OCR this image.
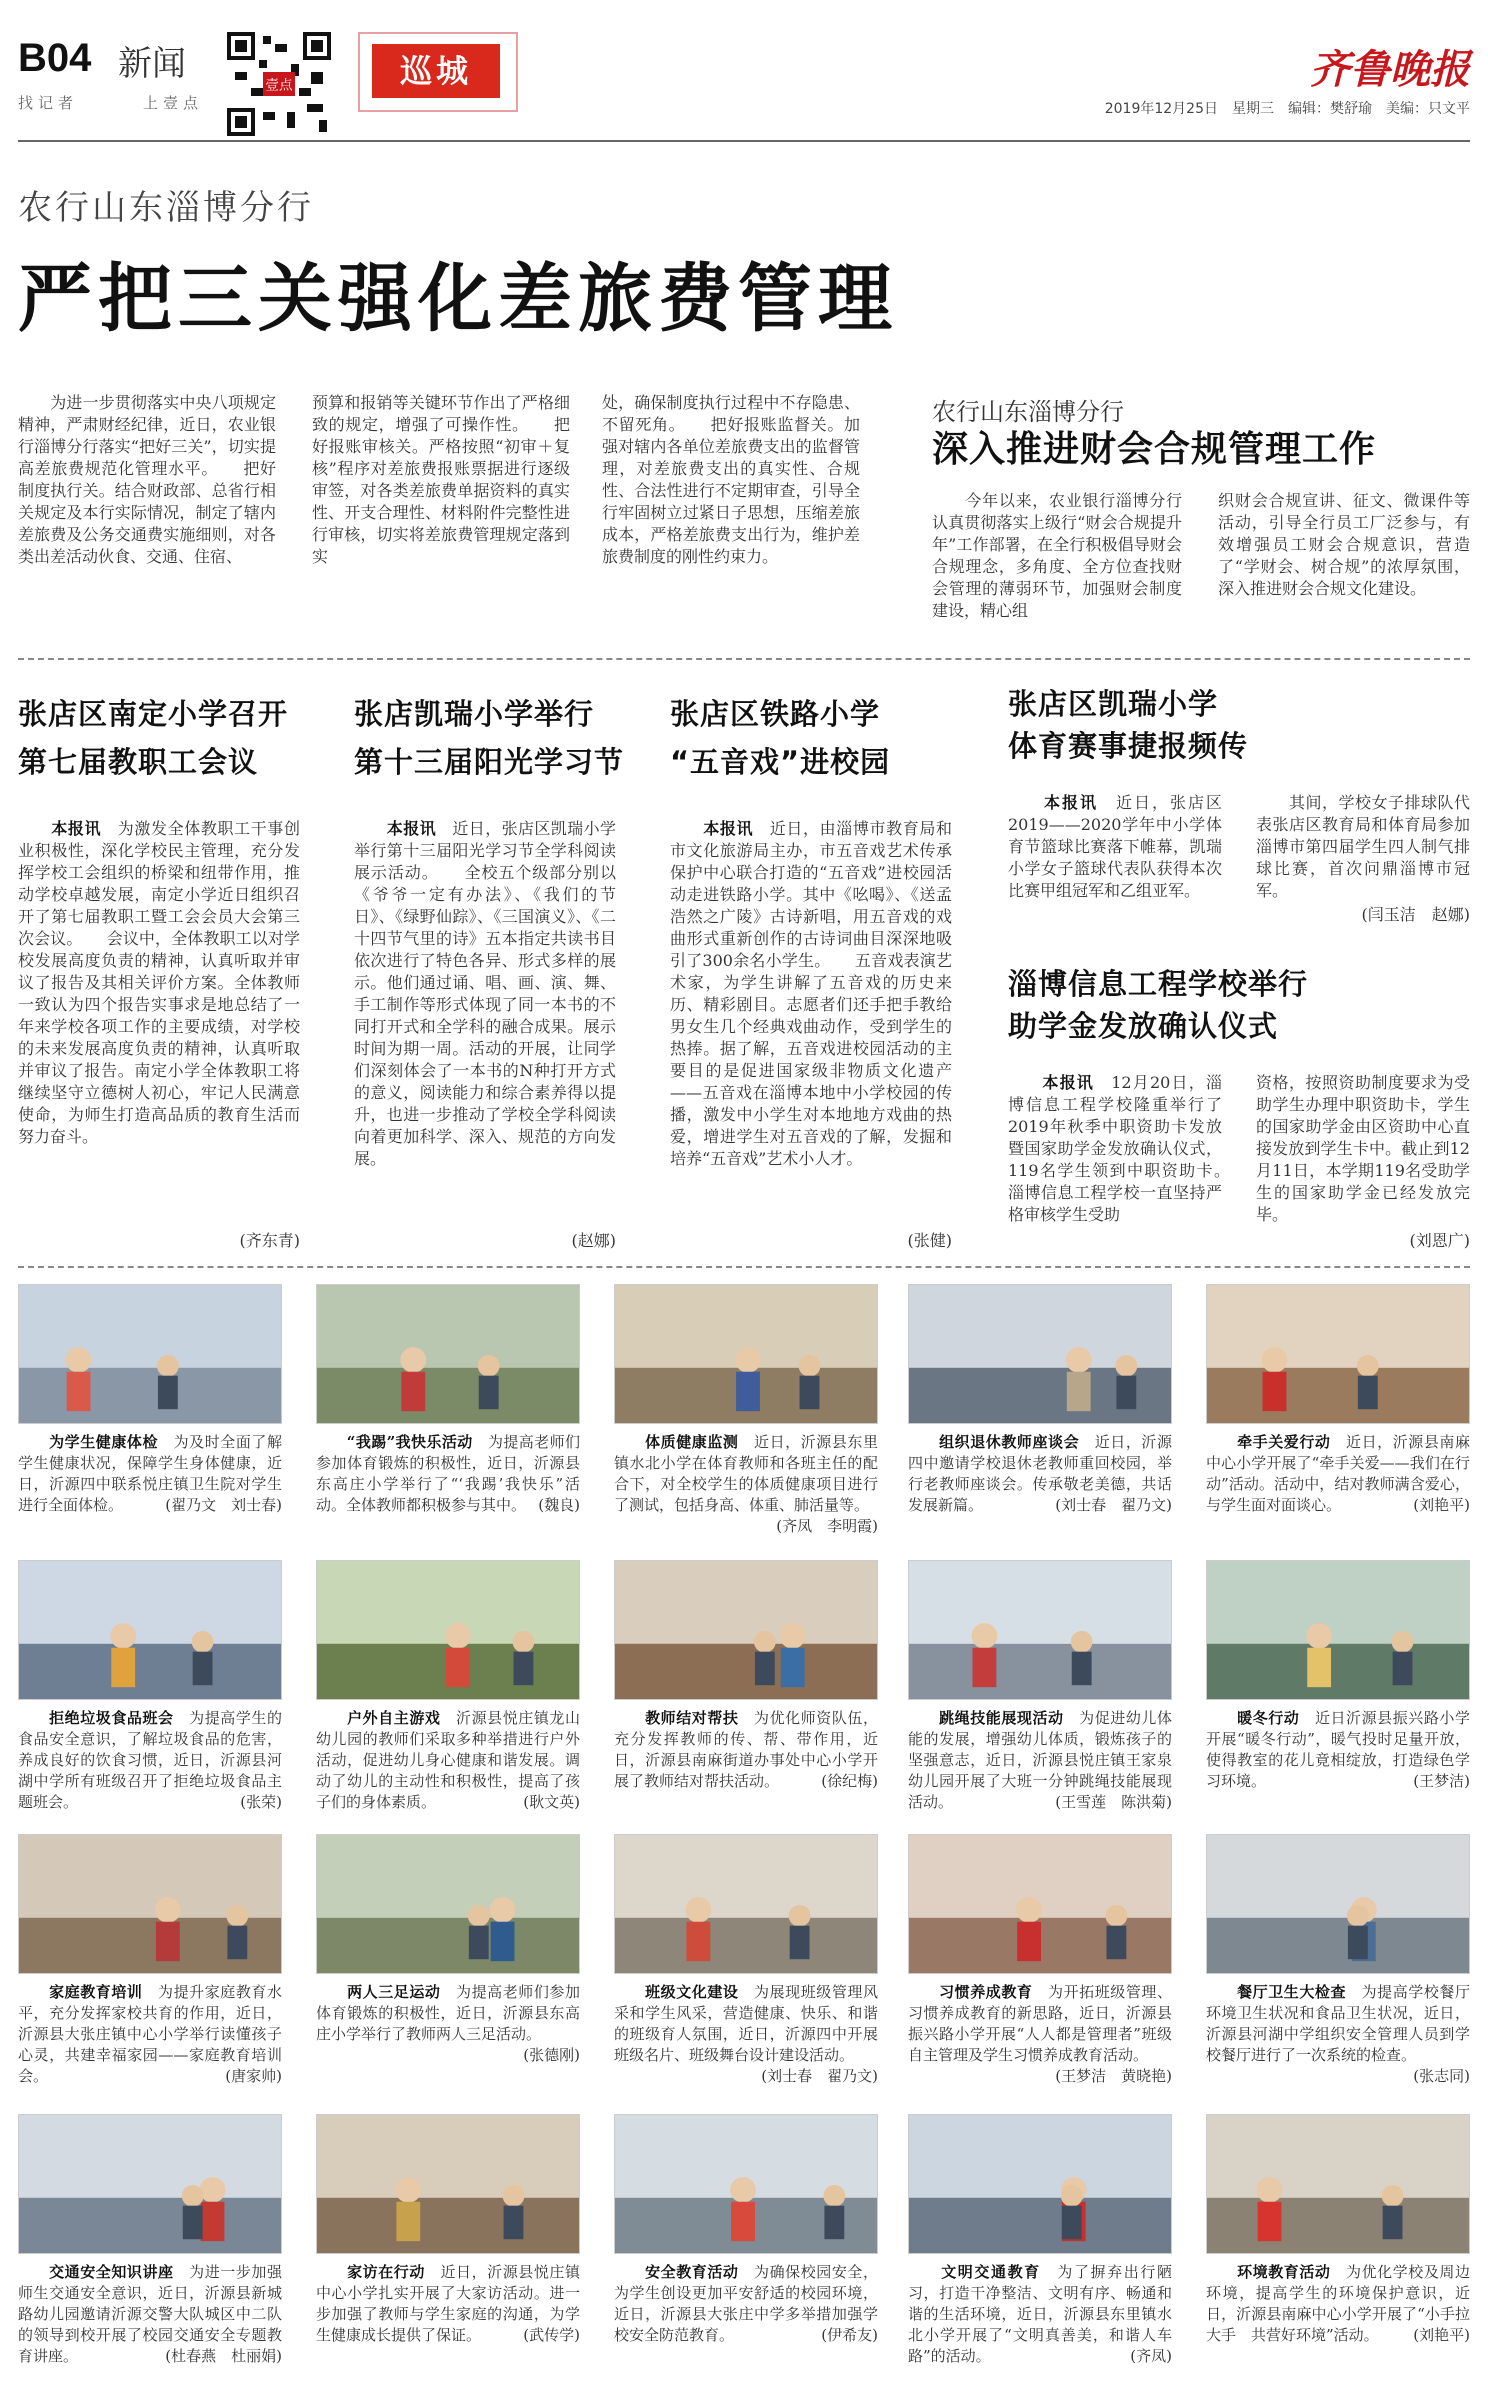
B04 新闻
找记者	上壹点
壹点	巡城	齐鲁晚报
2019年12月25日　星期三　编辑：樊舒瑜　美编：只文平
农行山东淄博分行
严把三关强化差旅费管理
　　为进一步贯彻落实中央八项规定精神，严肃财经纪律，近日，农业银行淄博分行落实“把好三关”，切实提高差旅费规范化管理水平。　　把好制度执行关。结合财政部、总省行相关规定及本行实际情况，制定了辖内差旅费及公务交通费实施细则，对各类出差活动伙食、交通、住宿、
预算和报销等关键环节作出了严格细致的规定，增强了可操作性。　　把好报账审核关。严格按照“初审＋复核”程序对差旅费报账票据进行逐级审签，对各类差旅费单据资料的真实性、开支合理性、材料附件完整性进行审核，切实将差旅费管理规定落到实
处，确保制度执行过程中不存隐患、不留死角。　　把好报账监督关。加强对辖内各单位差旅费支出的监督管理，对差旅费支出的真实性、合规性、合法性进行不定期审查，引导全行牢固树立过紧日子思想，压缩差旅成本，严格差旅费支出行为，维护差旅费制度的刚性约束力。
农行山东淄博分行
深入推进财会合规管理工作
　　今年以来，农业银行淄博分行认真贯彻落实上级行“财会合规提升年”工作部署，在全行积极倡导财会合规理念，多角度、全方位查找财会管理的薄弱环节，加强财会制度建设，精心组
织财会合规宣讲、征文、微课件等活动，引导全行员工厂泛参与，有效增强员工财会合规意识，营造了“学财会、树合规”的浓厚氛围，深入推进财会合规文化建设。
张店区南定小学召开
第七届教职工会议
　　本报讯　 为激发全体教职工干事创业积极性，深化学校民主管理，充分发挥学校工会组织的桥梁和纽带作用，推动学校卓越发展，南定小学近日组织召开了第七届教职工暨工会会员大会第三次会议。　　会议中，全体教职工以对学校发展高度负责的精神，认真听取并审议了报告及其相关评价方案。全体教师一致认为四个报告实事求是地总结了一年来学校各项工作的主要成绩，对学校的未来发展高度负责的精神，认真听取并审议了报告。南定小学全体教职工将继续坚守立德树人初心，牢记人民满意使命，为师生打造高品质的教育生活而努力奋斗。
(齐东青)
张店凯瑞小学举行
第十三届阳光学习节
　　本报讯　 近日，张店区凯瑞小学举行第十三届阳光学习节全学科阅读展示活动。　　全校五个级部分别以《爷爷一定有办法》、《我们的节日》、《绿野仙踪》、《三国演义》、《二十四节气里的诗》五本指定共读书目依次进行了特色各异、形式多样的展示。他们通过诵、唱、画、演、舞、手工制作等形式体现了同一本书的不同打开式和全学科的融合成果。展示时间为期一周。活动的开展，让同学们深刻体会了一本书的N种打开方式的意义，阅读能力和综合素养得以提升，也进一步推动了学校全学科阅读向着更加科学、深入、规范的方向发展。
(赵娜)
张店区铁路小学
“五音戏”进校园
　　本报讯　 近日，由淄博市教育局和市文化旅游局主办，市五音戏艺术传承保护中心联合打造的“五音戏”进校园活动走进铁路小学。其中《吆喝》、《送孟浩然之广陵》古诗新唱，用五音戏的戏曲形式重新创作的古诗词曲目深深地吸引了300余名小学生。　　五音戏表演艺术家，为学生讲解了五音戏的历史来历、精彩剧目。志愿者们还手把手教给男女生几个经典戏曲动作，受到学生的热捧。据了解，五音戏进校园活动的主要目的是促进国家级非物质文化遗产——五音戏在淄博本地中小学校园的传播，激发中小学生对本地地方戏曲的热爱，增进学生对五音戏的了解，发掘和培养“五音戏”艺术小人才。
(张健)
张店区凯瑞小学
体育赛事捷报频传
　　本报讯　 近日，张店区2019——2020学年中小学体育节篮球比赛落下帷幕，凯瑞小学女子篮球代表队获得本次比赛甲组冠军和乙组亚军。
　　其间，学校女子排球队代表张店区教育局和体育局参加淄博市第四届学生四人制气排球比赛，首次问鼎淄博市冠军。
(闫玉洁　赵娜)
淄博信息工程学校举行
助学金发放确认仪式
　　本报讯　 12月20日，淄博信息工程学校隆重举行了2019年秋季中职资助卡发放暨国家助学金发放确认仪式，119名学生领到中职资助卡。　　淄博信息工程学校一直坚持严格审核学生受助
资格，按照资助制度要求为受助学生办理中职资助卡，学生的国家助学金由区资助中心直接发放到学生卡中。截止到12月11日，本学期119名受助学生的国家助学金已经发放完毕。
(刘恩广)
　　为学生健康体检　为及时全面了解学生健康状况，保障学生身体健康，近日，沂源四中联系悦庄镇卫生院对学生进行全面体检。	(翟乃文　刘士春)
　　“我踢”我快乐活动　为提高老师们参加体育锻炼的积极性，近日，沂源县东高庄小学举行了“‘我踢’我快乐”活动。全体教师都积极参与其中。 (魏良)
　　体质健康监测　近日，沂源县东里镇水北小学在体育教师和各班主任的配合下，对全校学生的体质健康项目进行了测试，包括身高、体重、肺活量等。
(齐凤　李明霞)
　　组织退休教师座谈会　近日，沂源四中邀请学校退休老教师重回校园，举行老教师座谈会。传承敬老美德，共话发展新篇。	(刘士春　翟乃文)
　　牵手关爱行动　近日，沂源县南麻中心小学开展了“牵手关爱——我们在行动”活动。活动中，结对教师满含爱心，与学生面对面谈心。	(刘艳平)
　　拒绝垃圾食品班会　为提高学生的食品安全意识，了解垃圾食品的危害，养成良好的饮食习惯，近日，沂源县河湖中学所有班级召开了拒绝垃圾食品主题班会。	(张荣)
　　户外自主游戏　沂源县悦庄镇龙山幼儿园的教师们采取多种举措进行户外活动，促进幼儿身心健康和谐发展。调动了幼儿的主动性和积极性，提高了孩子们的身体素质。	(耿文英)
　　教师结对帮扶　为优化师资队伍，充分发挥教师的传、帮、带作用，近日，沂源县南麻街道办事处中心小学开展了教师结对帮扶活动。	(徐纪梅)
　　跳绳技能展现活动　为促进幼儿体能的发展，增强幼儿体质，锻炼孩子的坚强意志，近日，沂源县悦庄镇王家泉幼儿园开展了大班一分钟跳绳技能展现活动。	(王雪莲　陈洪菊)
　　暖冬行动　近日沂源县振兴路小学开展“暖冬行动”，暖气投时足量开放，使得教室的花儿竟相绽放，打造绿色学习环境。	(王梦洁)
　　家庭教育培训　为提升家庭教育水平，充分发挥家校共育的作用，近日，沂源县大张庄镇中心小学举行读懂孩子心灵，共建幸福家园——家庭教育培训会。	(唐家帅)
　　两人三足运动　为提高老师们参加体育锻炼的积极性，近日，沂源县东高庄小学举行了教师两人三足活动。
(张德刚)
　　班级文化建设　为展现班级管理风采和学生风采，营造健康、快乐、和谐的班级育人氛围，近日，沂源四中开展班级名片、班级舞台设计建设活动。
(刘士春　翟乃文)
　　习惯养成教育　为开拓班级管理、习惯养成教育的新思路，近日，沂源县振兴路小学开展“人人都是管理者”班级自主管理及学生习惯养成教育活动。
(王梦洁　黄晓艳)
　　餐厅卫生大检查　为提高学校餐厅环境卫生状况和食品卫生状况，近日，沂源县河湖中学组织安全管理人员到学校餐厅进行了一次系统的检查。
(张志同)
　　交通安全知识讲座　为进一步加强师生交通安全意识，近日，沂源县新城路幼儿园邀请沂源交警大队城区中二队的领导到校开展了校园交通安全专题教育讲座。	(杜春燕　杜丽娟)
　　家访在行动　近日，沂源县悦庄镇中心小学扎实开展了大家访活动。进一步加强了教师与学生家庭的沟通，为学生健康成长提供了保证。	(武传学)
　　安全教育活动　为确保校园安全，为学生创设更加平安舒适的校园环境，近日，沂源县大张庄中学多举措加强学校安全防范教育。	(伊希友)
　　文明交通教育　为了摒弃出行陋习，打造干净整洁、文明有序、畅通和谐的生活环境，近日，沂源县东里镇水北小学开展了“文明真善美，和谐人车路”的活动。	(齐凤)
　　环境教育活动　为优化学校及周边环境，提高学生的环境保护意识，近日，沂源县南麻中心小学开展了“小手拉大手　共营好环境”活动。 (刘艳平)
